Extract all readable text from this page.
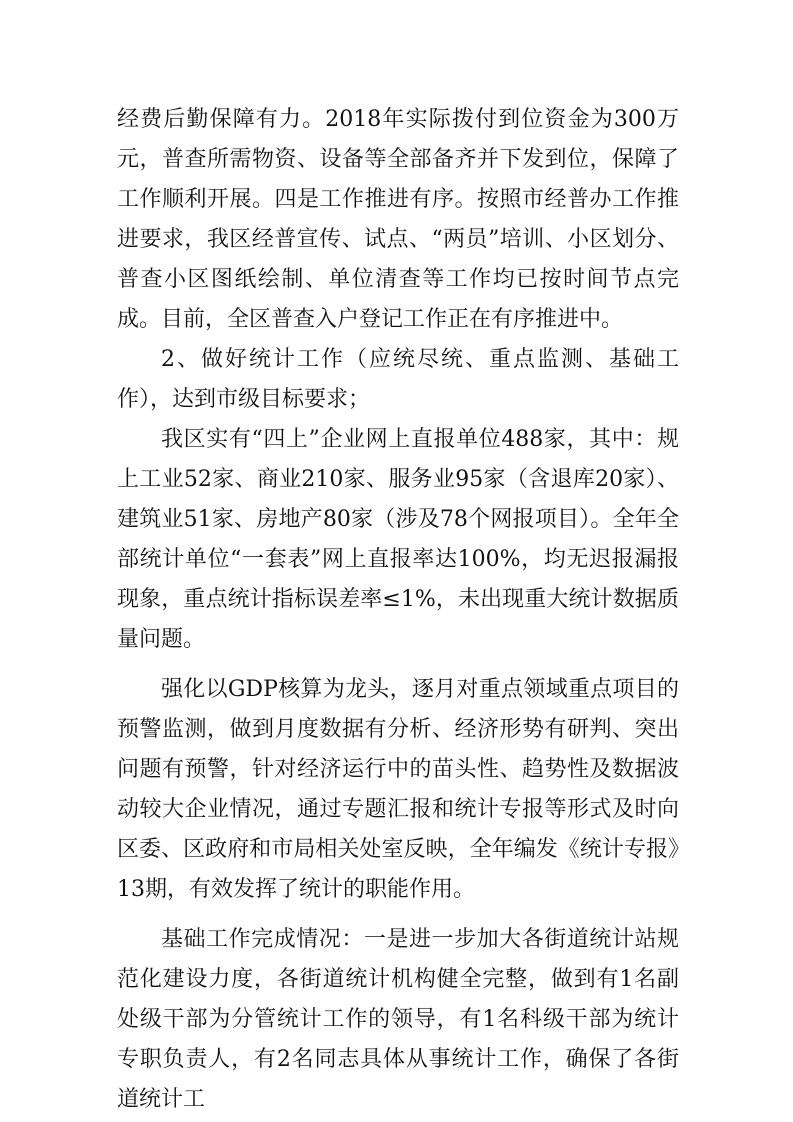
经费后勤保障有力。2018年实际拨付到位资金为300万元，普查所需物资、设备等全部备齐并下发到位，保障了工作顺利开展。四是工作推进有序。按照市经普办工作推进要求，我区经普宣传、试点、“两员”培训、小区划分、普查小区图纸绘制、单位清查等工作均已按时间节点完成。目前，全区普查入户登记工作正在有序推进中。

2、做好统计工作（应统尽统、重点监测、基础工作），达到市级目标要求；

我区实有“四上”企业网上直报单位488家，其中：规上工业52家、商业210家、服务业95家（含退库20家）、建筑业51家、房地产80家（涉及78个网报项目）。全年全部统计单位“一套表”网上直报率达100%，均无迟报漏报现象，重点统计指标误差率≤1%，未出现重大统计数据质量问题。

强化以GDP核算为龙头，逐月对重点领域重点项目的预警监测，做到月度数据有分析、经济形势有研判、突出问题有预警，针对经济运行中的苗头性、趋势性及数据波动较大企业情况，通过专题汇报和统计专报等形式及时向区委、区政府和市局相关处室反映，全年编发《统计专报》13期，有效发挥了统计的职能作用。

基础工作完成情况：一是进一步加大各街道统计站规范化建设力度，各街道统计机构健全完整，做到有1名副处级干部为分管统计工作的领导，有1名科级干部为统计专职负责人，有2名同志具体从事统计工作，确保了各街道统计工
